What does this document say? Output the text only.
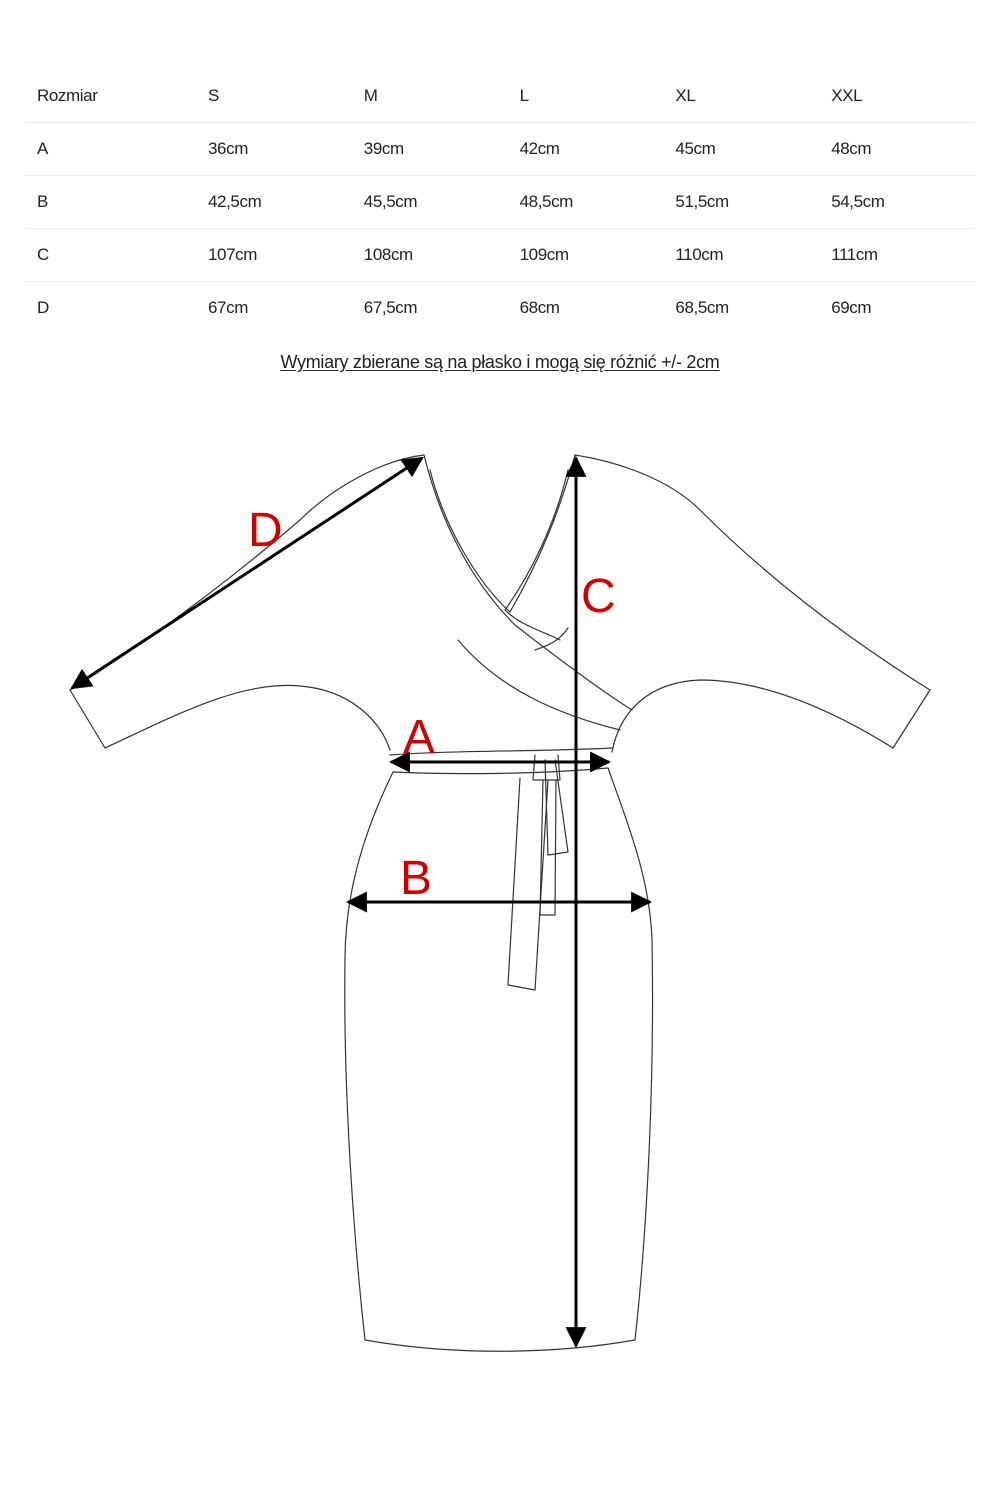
Rozmiar	S	M	L	XL	XXL
A	36cm	39cm	42cm	45cm	48cm
B	42,5cm	45,5cm	48,5cm	51,5cm	54,5cm
C	107cm	108cm	109cm	110cm	111cm
D	67cm	67,5cm	68cm	68,5cm	69cm
Wymiary zbierane są na płasko i mogą się różnić +/- 2cm
D
C
A
B
